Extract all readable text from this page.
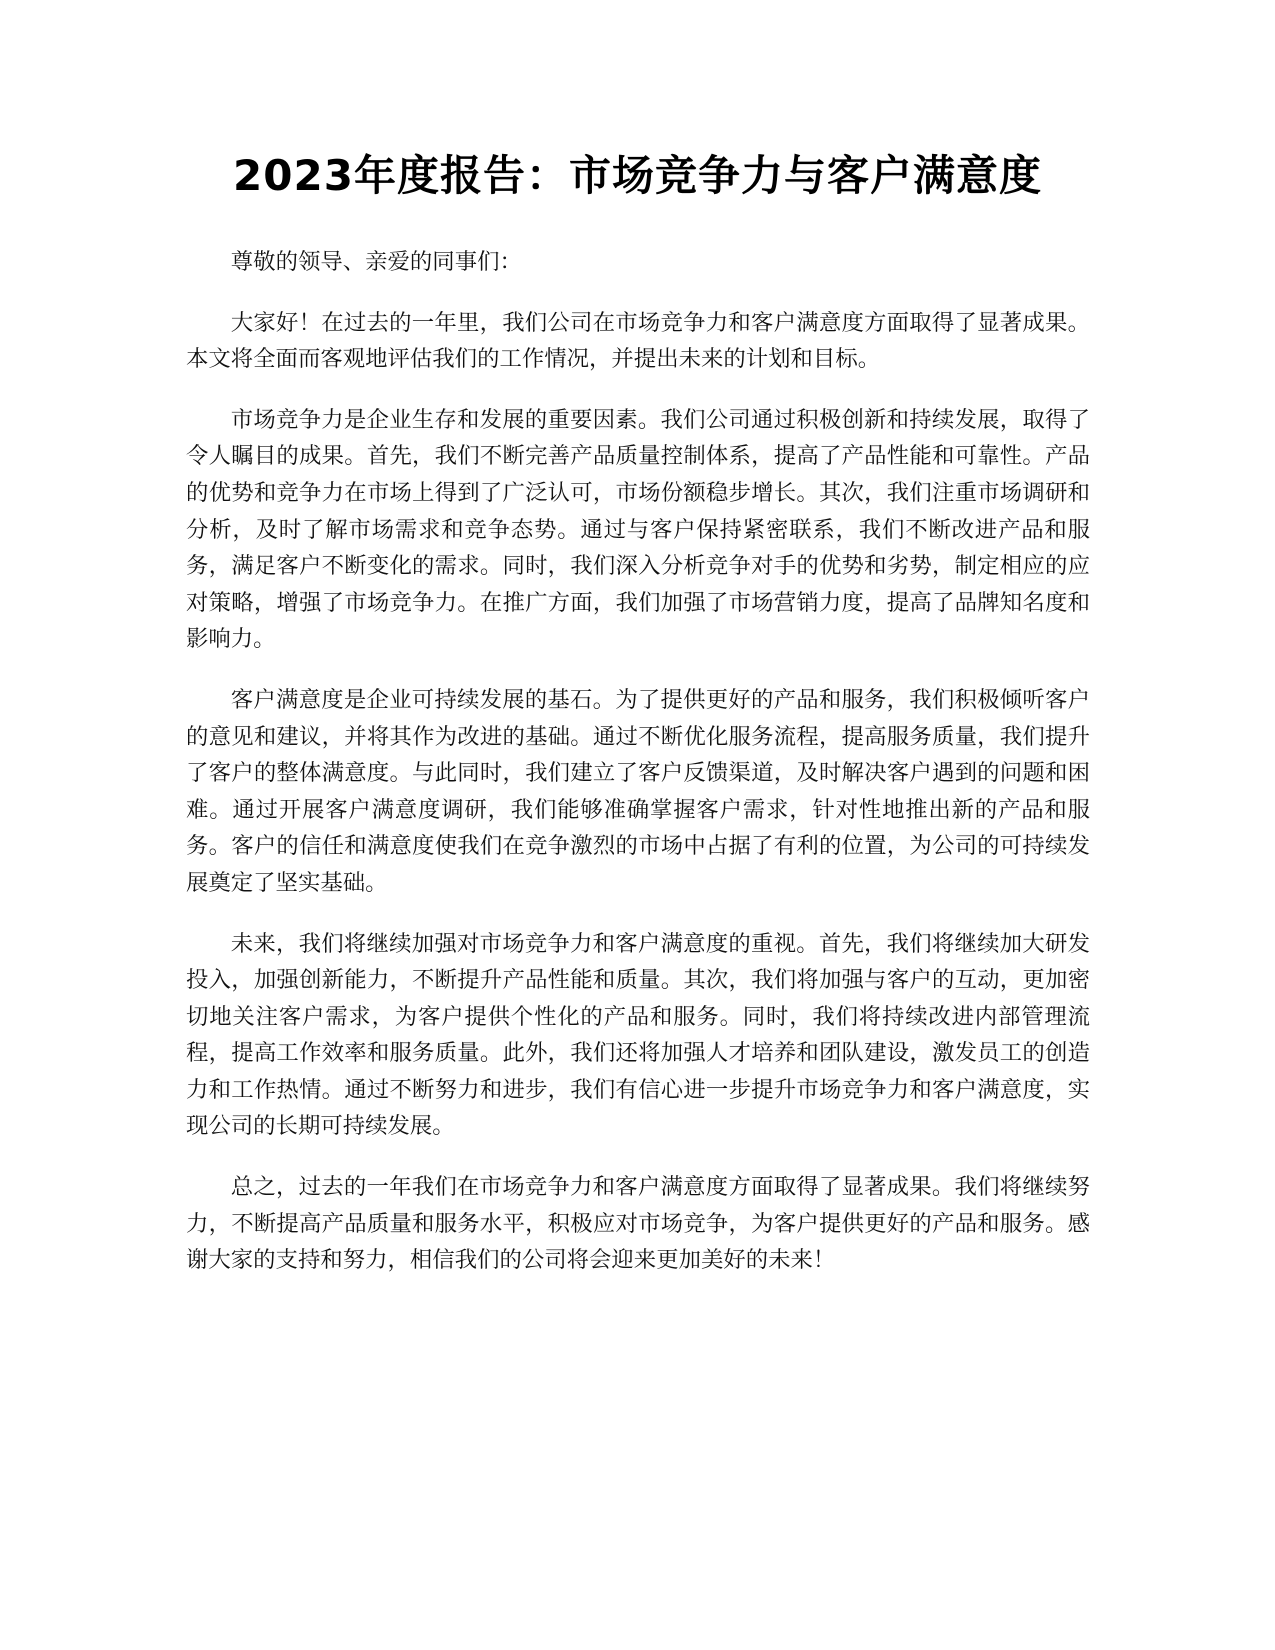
2023年度报告：市场竞争力与客户满意度

尊敬的领导、亲爱的同事们：

大家好！在过去的一年里，我们公司在市场竞争力和客户满意度方面取得了显著成果。本文将全面而客观地评估我们的工作情况，并提出未来的计划和目标。

市场竞争力是企业生存和发展的重要因素。我们公司通过积极创新和持续发展，取得了令人瞩目的成果。首先，我们不断完善产品质量控制体系，提高了产品性能和可靠性。产品的优势和竞争力在市场上得到了广泛认可，市场份额稳步增长。其次，我们注重市场调研和分析，及时了解市场需求和竞争态势。通过与客户保持紧密联系，我们不断改进产品和服务，满足客户不断变化的需求。同时，我们深入分析竞争对手的优势和劣势，制定相应的应对策略，增强了市场竞争力。在推广方面，我们加强了市场营销力度，提高了品牌知名度和影响力。

客户满意度是企业可持续发展的基石。为了提供更好的产品和服务，我们积极倾听客户的意见和建议，并将其作为改进的基础。通过不断优化服务流程，提高服务质量，我们提升了客户的整体满意度。与此同时，我们建立了客户反馈渠道，及时解决客户遇到的问题和困难。通过开展客户满意度调研，我们能够准确掌握客户需求，针对性地推出新的产品和服务。客户的信任和满意度使我们在竞争激烈的市场中占据了有利的位置，为公司的可持续发展奠定了坚实基础。

未来，我们将继续加强对市场竞争力和客户满意度的重视。首先，我们将继续加大研发投入，加强创新能力，不断提升产品性能和质量。其次，我们将加强与客户的互动，更加密切地关注客户需求，为客户提供个性化的产品和服务。同时，我们将持续改进内部管理流程，提高工作效率和服务质量。此外，我们还将加强人才培养和团队建设，激发员工的创造力和工作热情。通过不断努力和进步，我们有信心进一步提升市场竞争力和客户满意度，实现公司的长期可持续发展。

总之，过去的一年我们在市场竞争力和客户满意度方面取得了显著成果。我们将继续努力，不断提高产品质量和服务水平，积极应对市场竞争，为客户提供更好的产品和服务。感谢大家的支持和努力，相信我们的公司将会迎来更加美好的未来！
